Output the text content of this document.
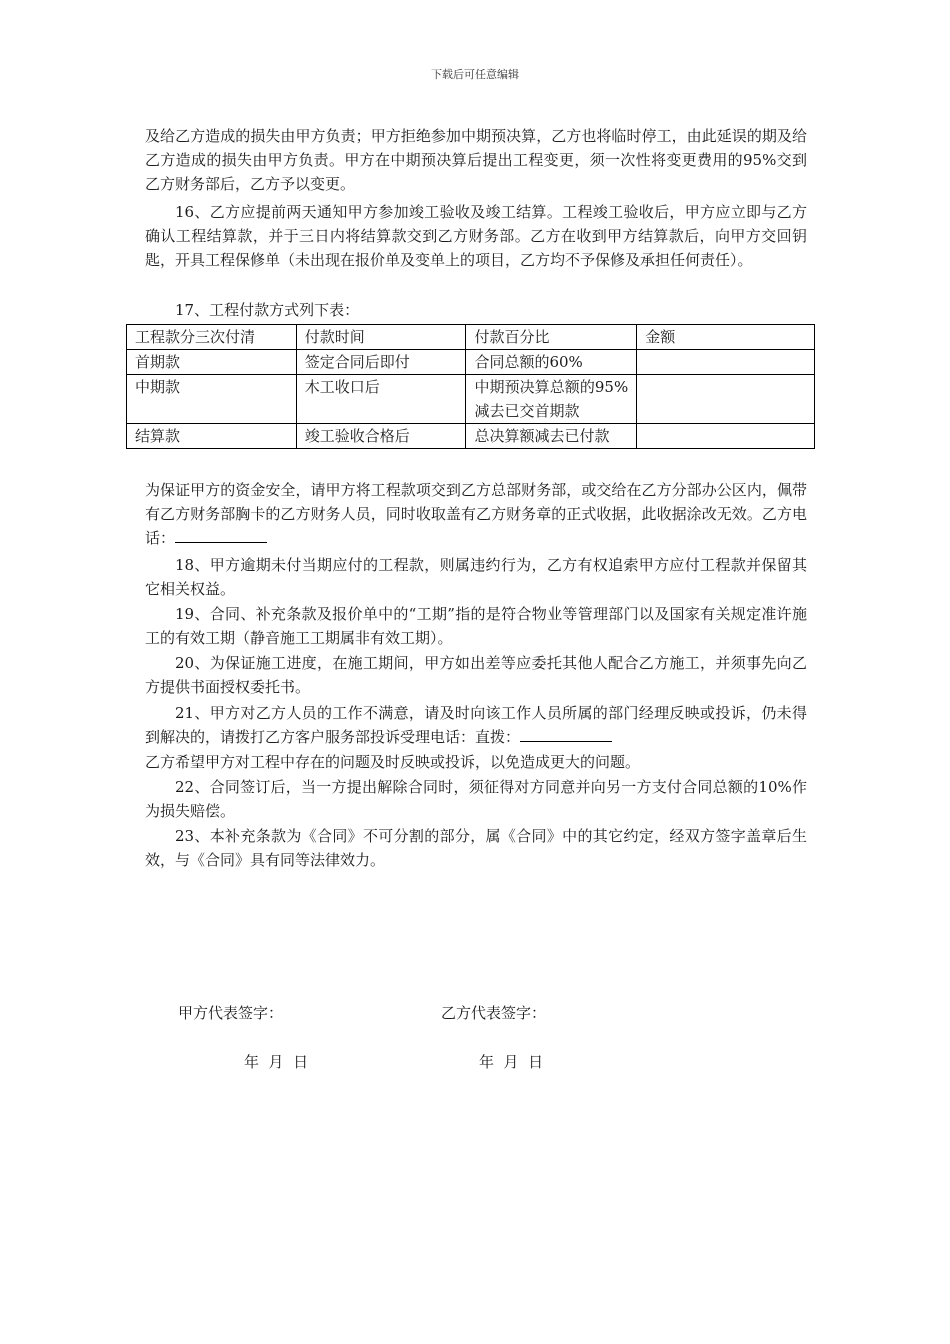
下载后可任意编辑

及给乙方造成的损失由甲方负责；甲方拒绝参加中期预决算，乙方也将临时停工，由此延误的期及给乙方造成的损失由甲方负责。甲方在中期预决算后提出工程变更，须一次性将变更费用的95%交到乙方财务部后，乙方予以变更。

16、乙方应提前两天通知甲方参加竣工验收及竣工结算。工程竣工验收后，甲方应立即与乙方确认工程结算款，并于三日内将结算款交到乙方财务部。乙方在收到甲方结算款后，向甲方交回钥匙，开具工程保修单（未出现在报价单及变单上的项目，乙方均不予保修及承担任何责任）。

17、工程付款方式列下表：

工程款分三次付清	付款时间	付款百分比	金额
首期款	签定合同后即付	合同总额的60%	
中期款	木工收口后	中期预决算总额的95%减去已交首期款	
结算款	竣工验收合格后	总决算额减去已付款	

为保证甲方的资金安全，请甲方将工程款项交到乙方总部财务部，或交给在乙方分部办公区内，佩带有乙方财务部胸卡的乙方财务人员，同时收取盖有乙方财务章的正式收据，此收据涂改无效。乙方电话：

18、甲方逾期未付当期应付的工程款，则属违约行为，乙方有权追索甲方应付工程款并保留其它相关权益。

19、合同、补充条款及报价单中的“工期”指的是符合物业等管理部门以及国家有关规定准许施工的有效工期（静音施工工期属非有效工期）。

20、为保证施工进度，在施工期间，甲方如出差等应委托其他人配合乙方施工，并须事先向乙方提供书面授权委托书。

21、甲方对乙方人员的工作不满意，请及时向该工作人员所属的部门经理反映或投诉，仍未得到解决的，请拨打乙方客户服务部投诉受理电话：直拨：

乙方希望甲方对工程中存在的问题及时反映或投诉，以免造成更大的问题。

22、合同签订后，当一方提出解除合同时，须征得对方同意并向另一方支付合同总额的10%作为损失赔偿。

23、本补充条款为《合同》不可分割的部分，属《合同》中的其它约定，经双方签字盖章后生效，与《合同》具有同等法律效力。

甲方代表签字：	乙方代表签字：
年  月  日	年  月  日
